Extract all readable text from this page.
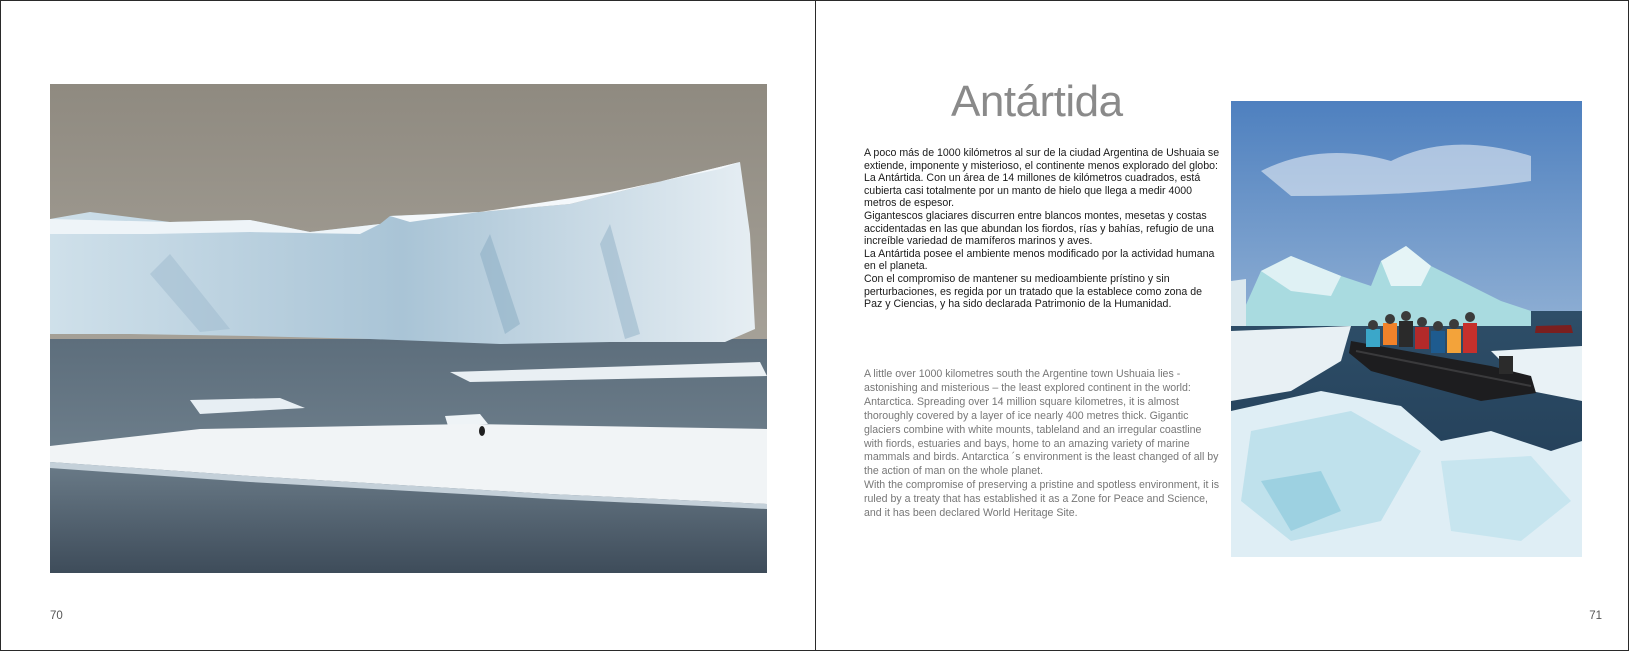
70
Antártida

A poco más de 1000 kilómetros al sur de la ciudad Argentina de Ushuaia se extiende, imponente y misterioso, el continente menos explorado del globo: La Antártida. Con un área de 14 millones de kilómetros cuadrados, está cubierta casi totalmente por un manto de hielo que llega a medir 4000 metros de espesor.

Gigantescos glaciares discurren entre blancos montes, mesetas y costas accidentadas en las que abundan los fiordos, rías y bahías, refugio de una increíble variedad de mamíferos marinos y aves.

La Antártida posee el ambiente menos modificado por la actividad humana en el planeta.

Con el compromiso de mantener su medioambiente prístino y sin perturbaciones, es regida por un tratado que la establece como zona de Paz y Ciencias, y ha sido declarada Patrimonio de la Humanidad.

A little over 1000 kilometres south the Argentine town Ushuaia lies -astonishing and misterious – the least explored continent in the world: Antarctica. Spreading over 14 million square kilometres, it is almost thoroughly covered by a layer of ice nearly 400 metres thick. Gigantic glaciers combine with white mounts, tableland and an irregular coastline with fiords, estuaries and bays, home to an amazing variety of marine mammals and birds. Antarctica ´s environment is the least changed of all by the action of man on the whole planet.

With the compromise of preserving a pristine and spotless environment, it is ruled by a treaty that has established it as a Zone for Peace and Science, and it has been declared World Heritage Site.

71
